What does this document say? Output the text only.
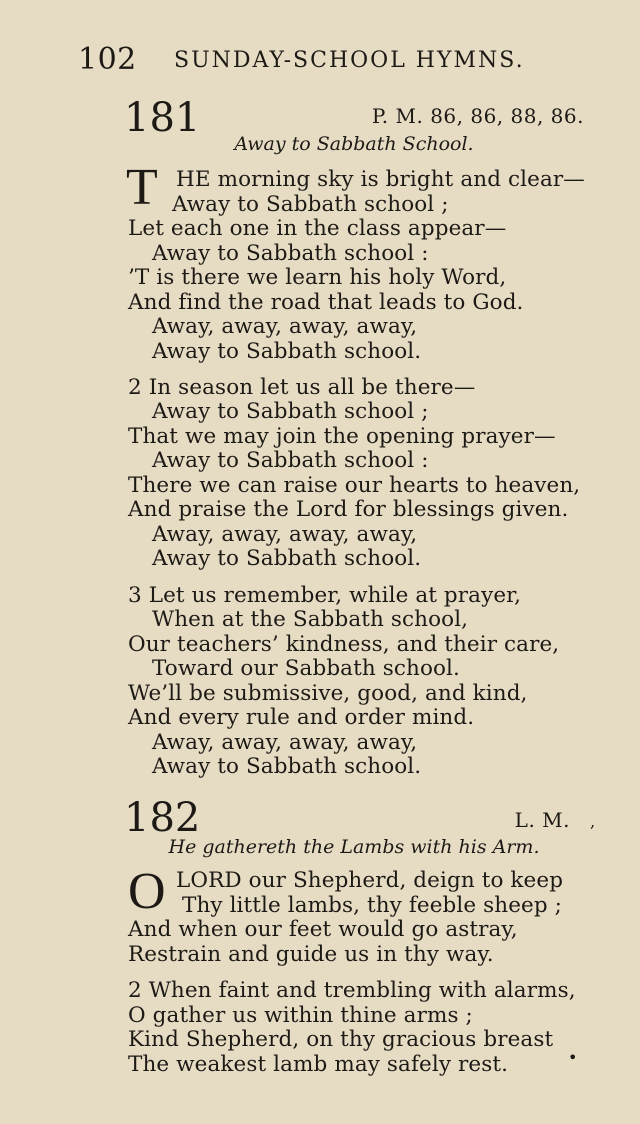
102 SUNDAY-SCHOOL HYMNS.
181	P. M. 86, 86, 88, 86.
Away to Sabbath School.
T HE morning sky is bright and clear—
Away to Sabbath school ;
Let each one in the class appear—
Away to Sabbath school :
’T is there we learn his holy Word,
And find the road that leads to God.
Away, away, away, away,
Away to Sabbath school.
2 In season let us all be there—
Away to Sabbath school ;
That we may join the opening prayer—
Away to Sabbath school :
There we can raise our hearts to heaven,
And praise the Lord for blessings given.
Away, away, away, away,
Away to Sabbath school.
3 Let us remember, while at prayer,
When at the Sabbath school,
Our teachers’ kindness, and their care,
Toward our Sabbath school.
We’ll be submissive, good, and kind,
And every rule and order mind.
Away, away, away, away,
Away to Sabbath school.
182	L. M. ,
He gathereth the Lambs with his Arm.
O LORD our Shepherd, deign to keep
Thy little lambs, thy feeble sheep ;
And when our feet would go astray,
Restrain and guide us in thy way.
2 When faint and trembling with alarms,
O gather us within thine arms ;
Kind Shepherd, on thy gracious breast
The weakest lamb may safely rest.	•
